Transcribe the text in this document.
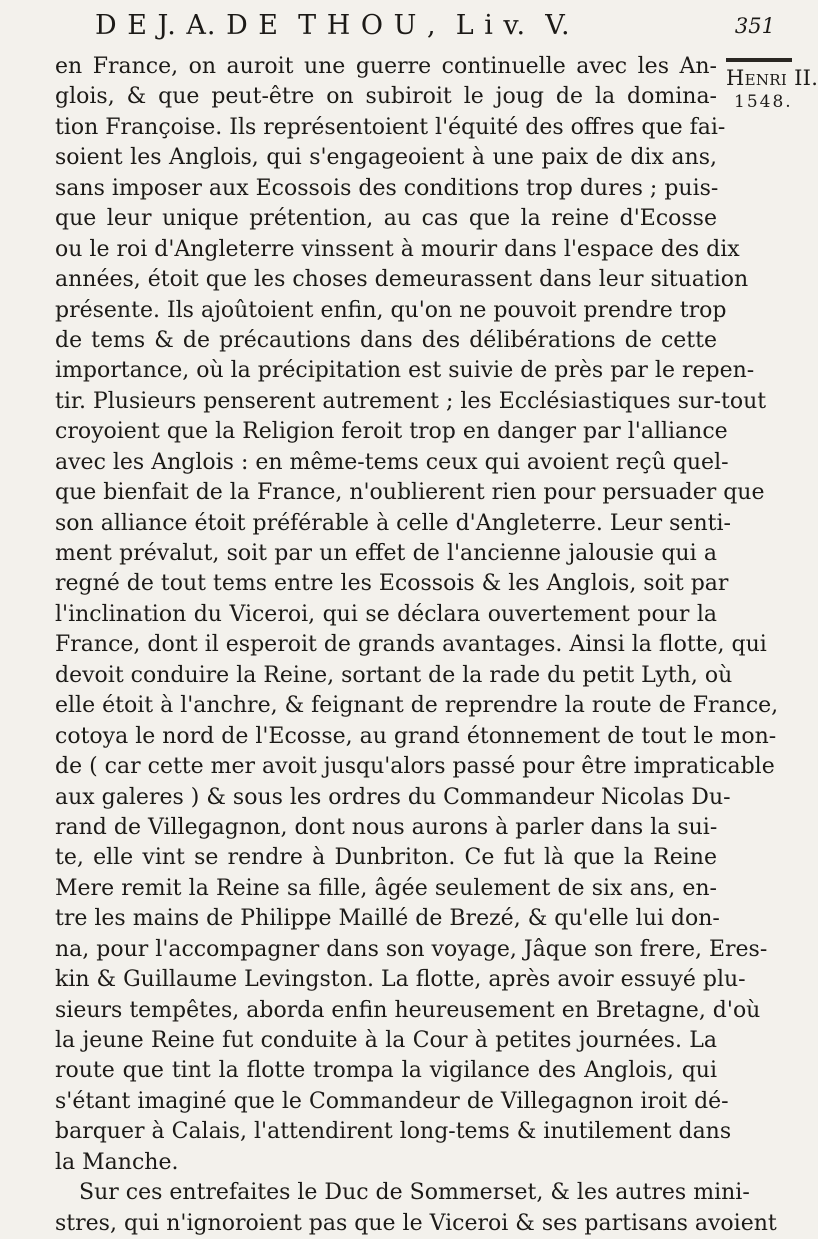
D E J. A. D E  T H O U ,  L i v.  V.	351
Henri II.
1548.
en France, on auroit une guerre continuelle avec les An-
glois, & que peut-être on subiroit le joug de la domina-
tion Françoise. Ils représentoient l'équité des offres que fai-
soient les Anglois, qui s'engageoient à une paix de dix ans,
sans imposer aux Ecossois des conditions trop dures ; puis-
que leur unique prétention, au cas que la reine d'Ecosse
ou le roi d'Angleterre vinssent à mourir dans l'espace des dix
années, étoit que les choses demeurassent dans leur situation
présente. Ils ajoûtoient enfin, qu'on ne pouvoit prendre trop
de tems & de précautions dans des délibérations de cette
importance, où la précipitation est suivie de près par le repen-
tir. Plusieurs penserent autrement ; les Ecclésiastiques sur-tout
croyoient que la Religion feroit trop en danger par l'alliance
avec les Anglois : en même-tems ceux qui avoient reçû quel-
que bienfait de la France, n'oublierent rien pour persuader que
son alliance étoit préférable à celle d'Angleterre. Leur senti-
ment prévalut, soit par un effet de l'ancienne jalousie qui a
regné de tout tems entre les Ecossois & les Anglois, soit par
l'inclination du Viceroi, qui se déclara ouvertement pour la
France, dont il esperoit de grands avantages. Ainsi la flotte, qui
devoit conduire la Reine, sortant de la rade du petit Lyth, où
elle étoit à l'anchre, & feignant de reprendre la route de France,
cotoya le nord de l'Ecosse, au grand étonnement de tout le mon-
de ( car cette mer avoit jusqu'alors passé pour être impraticable
aux galeres ) & sous les ordres du Commandeur Nicolas Du-
rand de Villegagnon, dont nous aurons à parler dans la sui-
te, elle vint se rendre à Dunbriton. Ce fut là que la Reine
Mere remit la Reine sa fille, âgée seulement de six ans, en-
tre les mains de Philippe Maillé de Brezé, & qu'elle lui don-
na, pour l'accompagner dans son voyage, Jâque son frere, Eres-
kin & Guillaume Levingston. La flotte, après avoir essuyé plu-
sieurs tempêtes, aborda enfin heureusement en Bretagne, d'où
la jeune Reine fut conduite à la Cour à petites journées. La
route que tint la flotte trompa la vigilance des Anglois, qui
s'étant imaginé que le Commandeur de Villegagnon iroit dé-
barquer à Calais, l'attendirent long-tems & inutilement dans
la Manche.
Sur ces entrefaites le Duc de Sommerset, & les autres mini-
stres, qui n'ignoroient pas que le Viceroi & ses partisans avoient
